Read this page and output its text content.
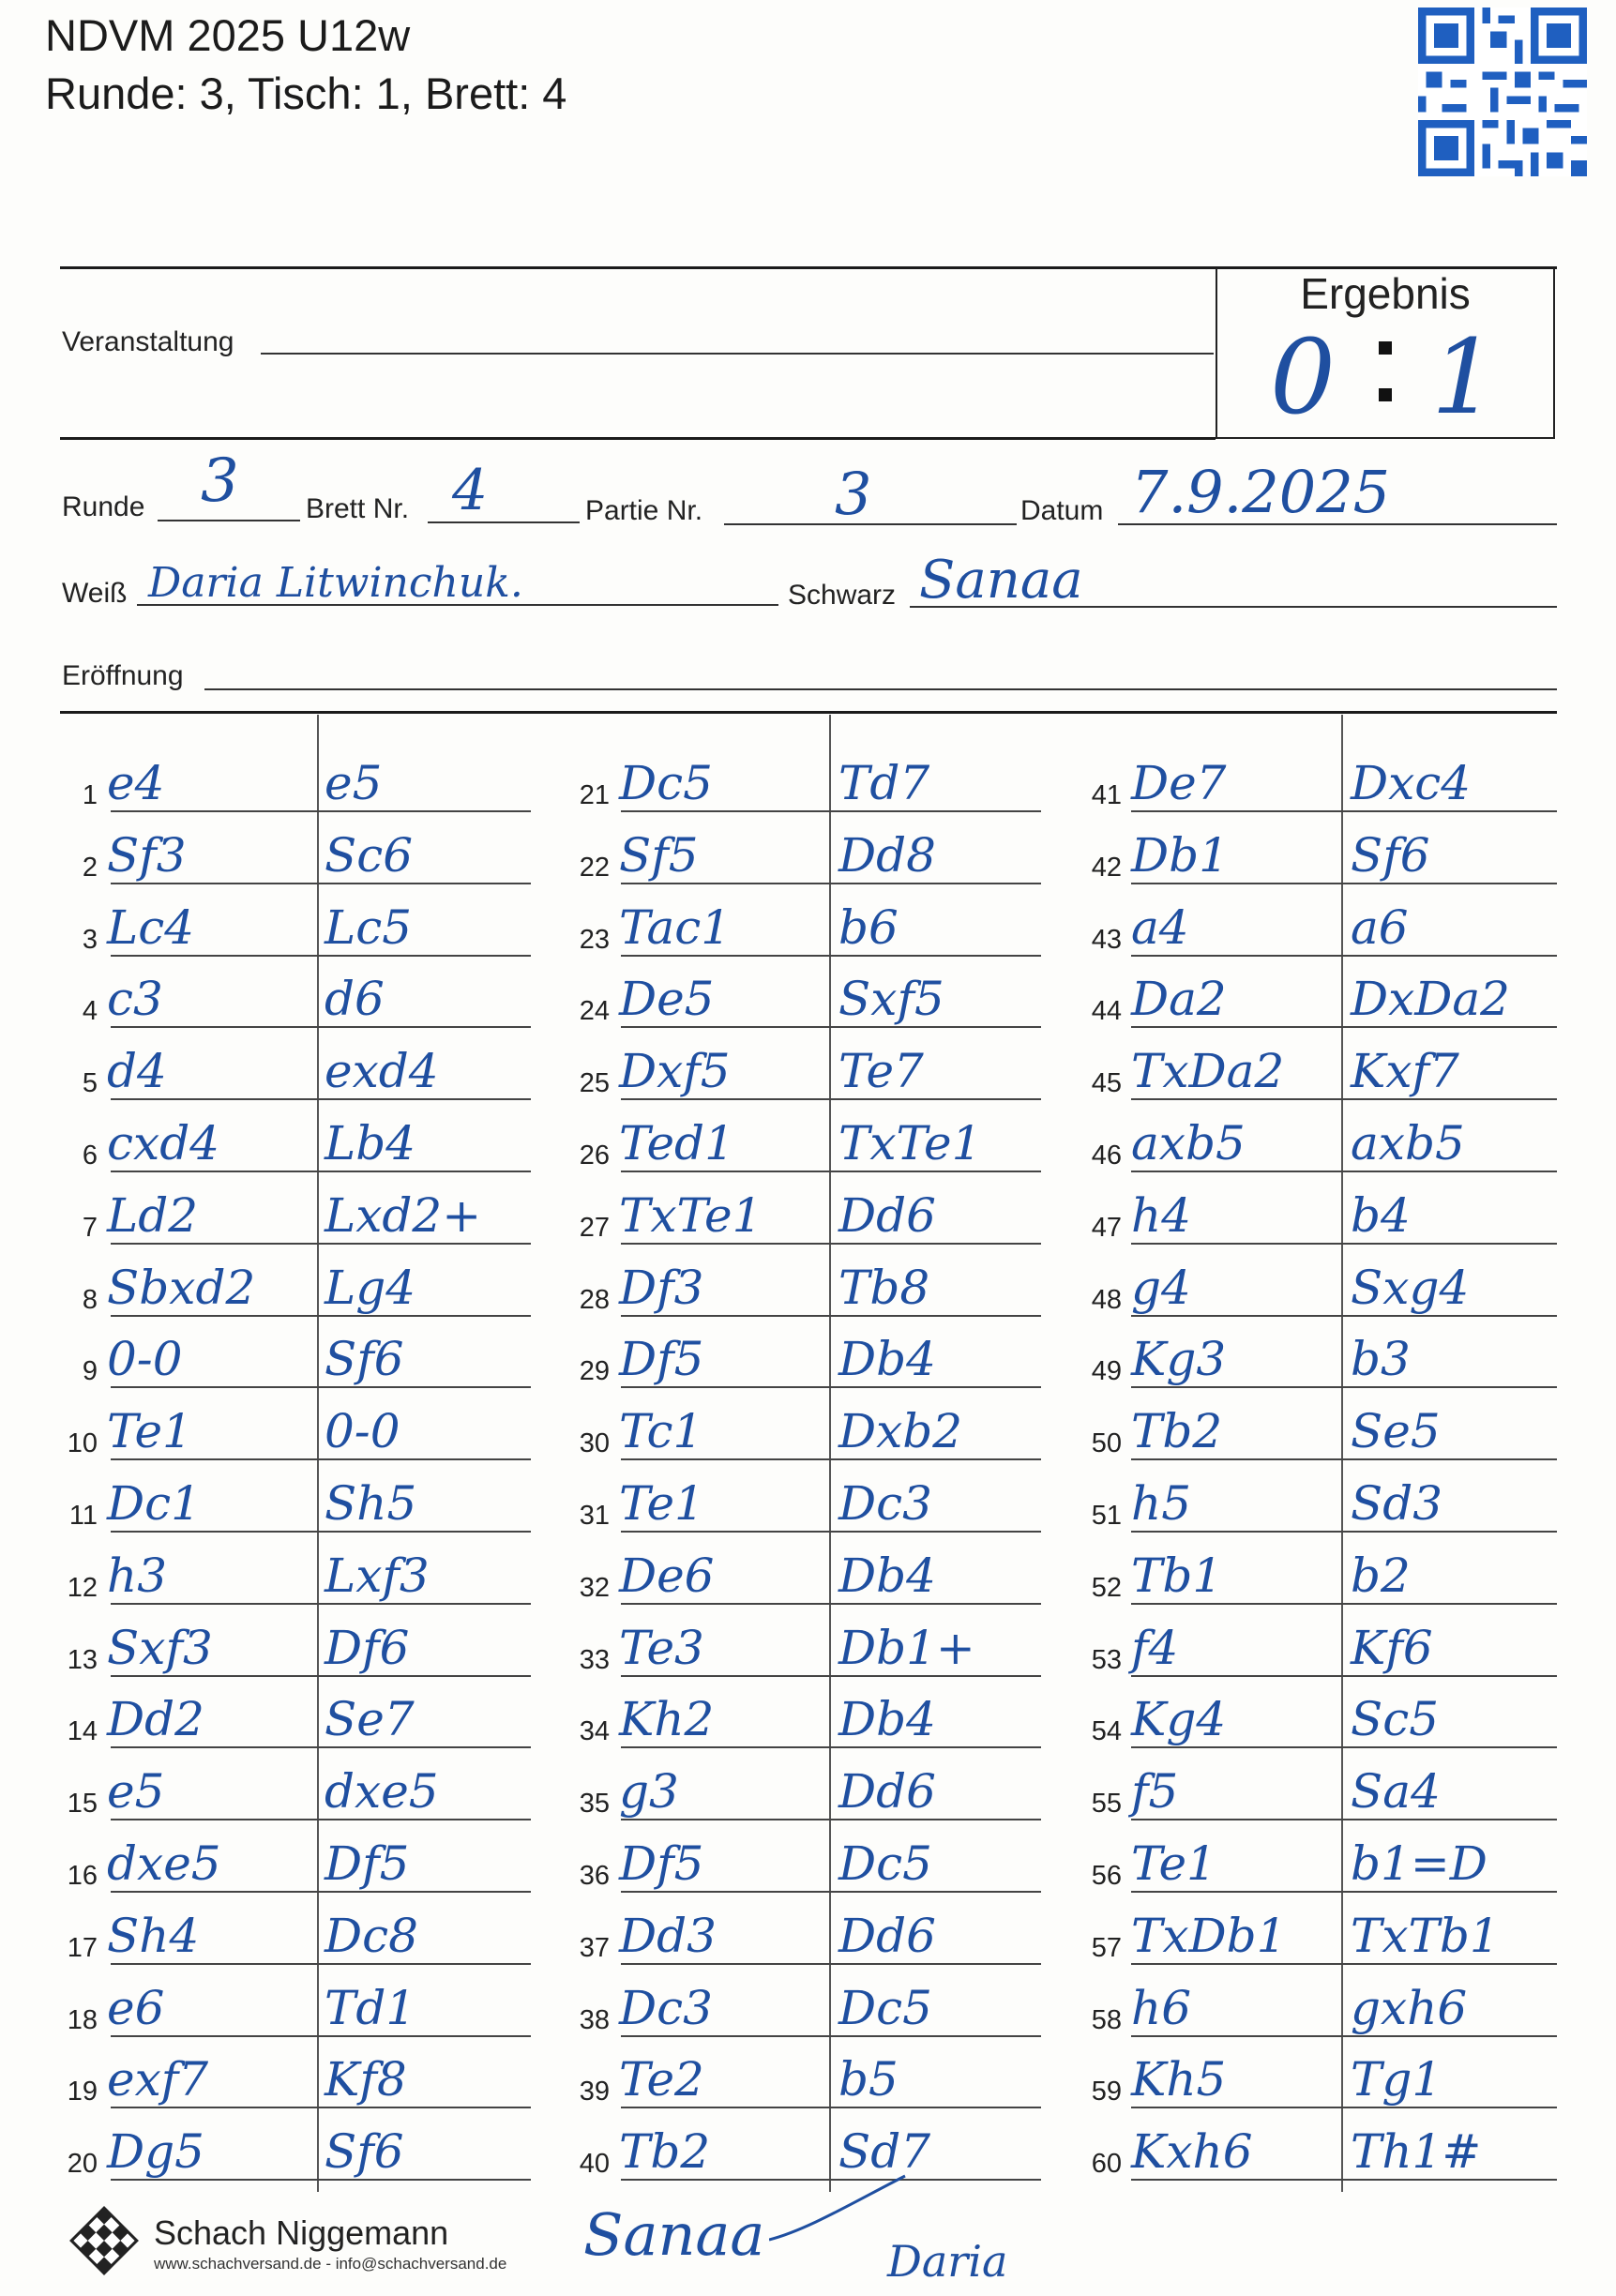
NDVM 2025 U12w
Runde: 3, Tisch: 1, Brett: 4
Ergebnis
0 1
Veranstaltung
Runde 3 Brett Nr. 4	Partie Nr. 3	Datum 7.9.2025
Weiß Daria Litwinchuk.	Schwarz Sanaa
Eröffnung
1 e4	e5
2 Sf3	Sc6
3 Lc4	Lc5
4 c3	d6
5 d4	exd4
6 cxd4 Lb4
7 Ld2	Lxd2+
8 Sbxd2 Lg4
9 0-0	Sf6
10 Te1	0-0
11 Dc1	Sh5
12 h3	Lxf3
13 Sxf3 Df6
14 Dd2	Se7
15 e5	dxe5
16 dxe5 Df5
17 Sh4	Dc8
18 e6	Td1
19 exf7 Kf8
20 Dg5	Sf6
21 Dc5	Td7
22 Sf5	Dd8
23 Tac1 b6
24 De5	Sxf5
25 Dxf5 Te7
26 Ted1 TxTe1
27 TxTe1 Dd6
28 Df3	Tb8
29 Df5	Db4
30 Tc1	Dxb2
31 Te1	Dc3
32 De6	Db4
33 Te3	Db1+
34 Kh2	Db4
35 g3	Dd6
36 Df5	Dc5
37 Dd3	Dd6
38 Dc3	Dc5
39 Te2	b5
40 Tb2	Sd7
41 De7	Dxc4
42 Db1	Sf6
43 a4	a6
44 Da2	DxDa2
45 TxDa2 Kxf7
46 axb5 axb5
47 h4	b4
48 g4	Sxg4
49 Kg3	b3
50 Tb2	Se5
51 h5	Sd3
52 Tb1	b2
53 f4	Kf6
54 Kg4	Sc5
55 f5	Sa4
56 Te1	b1=D
57 TxDb1 TxTb1
58 h6	gxh6
59 Kh5	Tg1
60 Kxh6 Th1#
Schach Niggemann
www.schachversand.de - info@schachversand.de Sanaa	Daria
